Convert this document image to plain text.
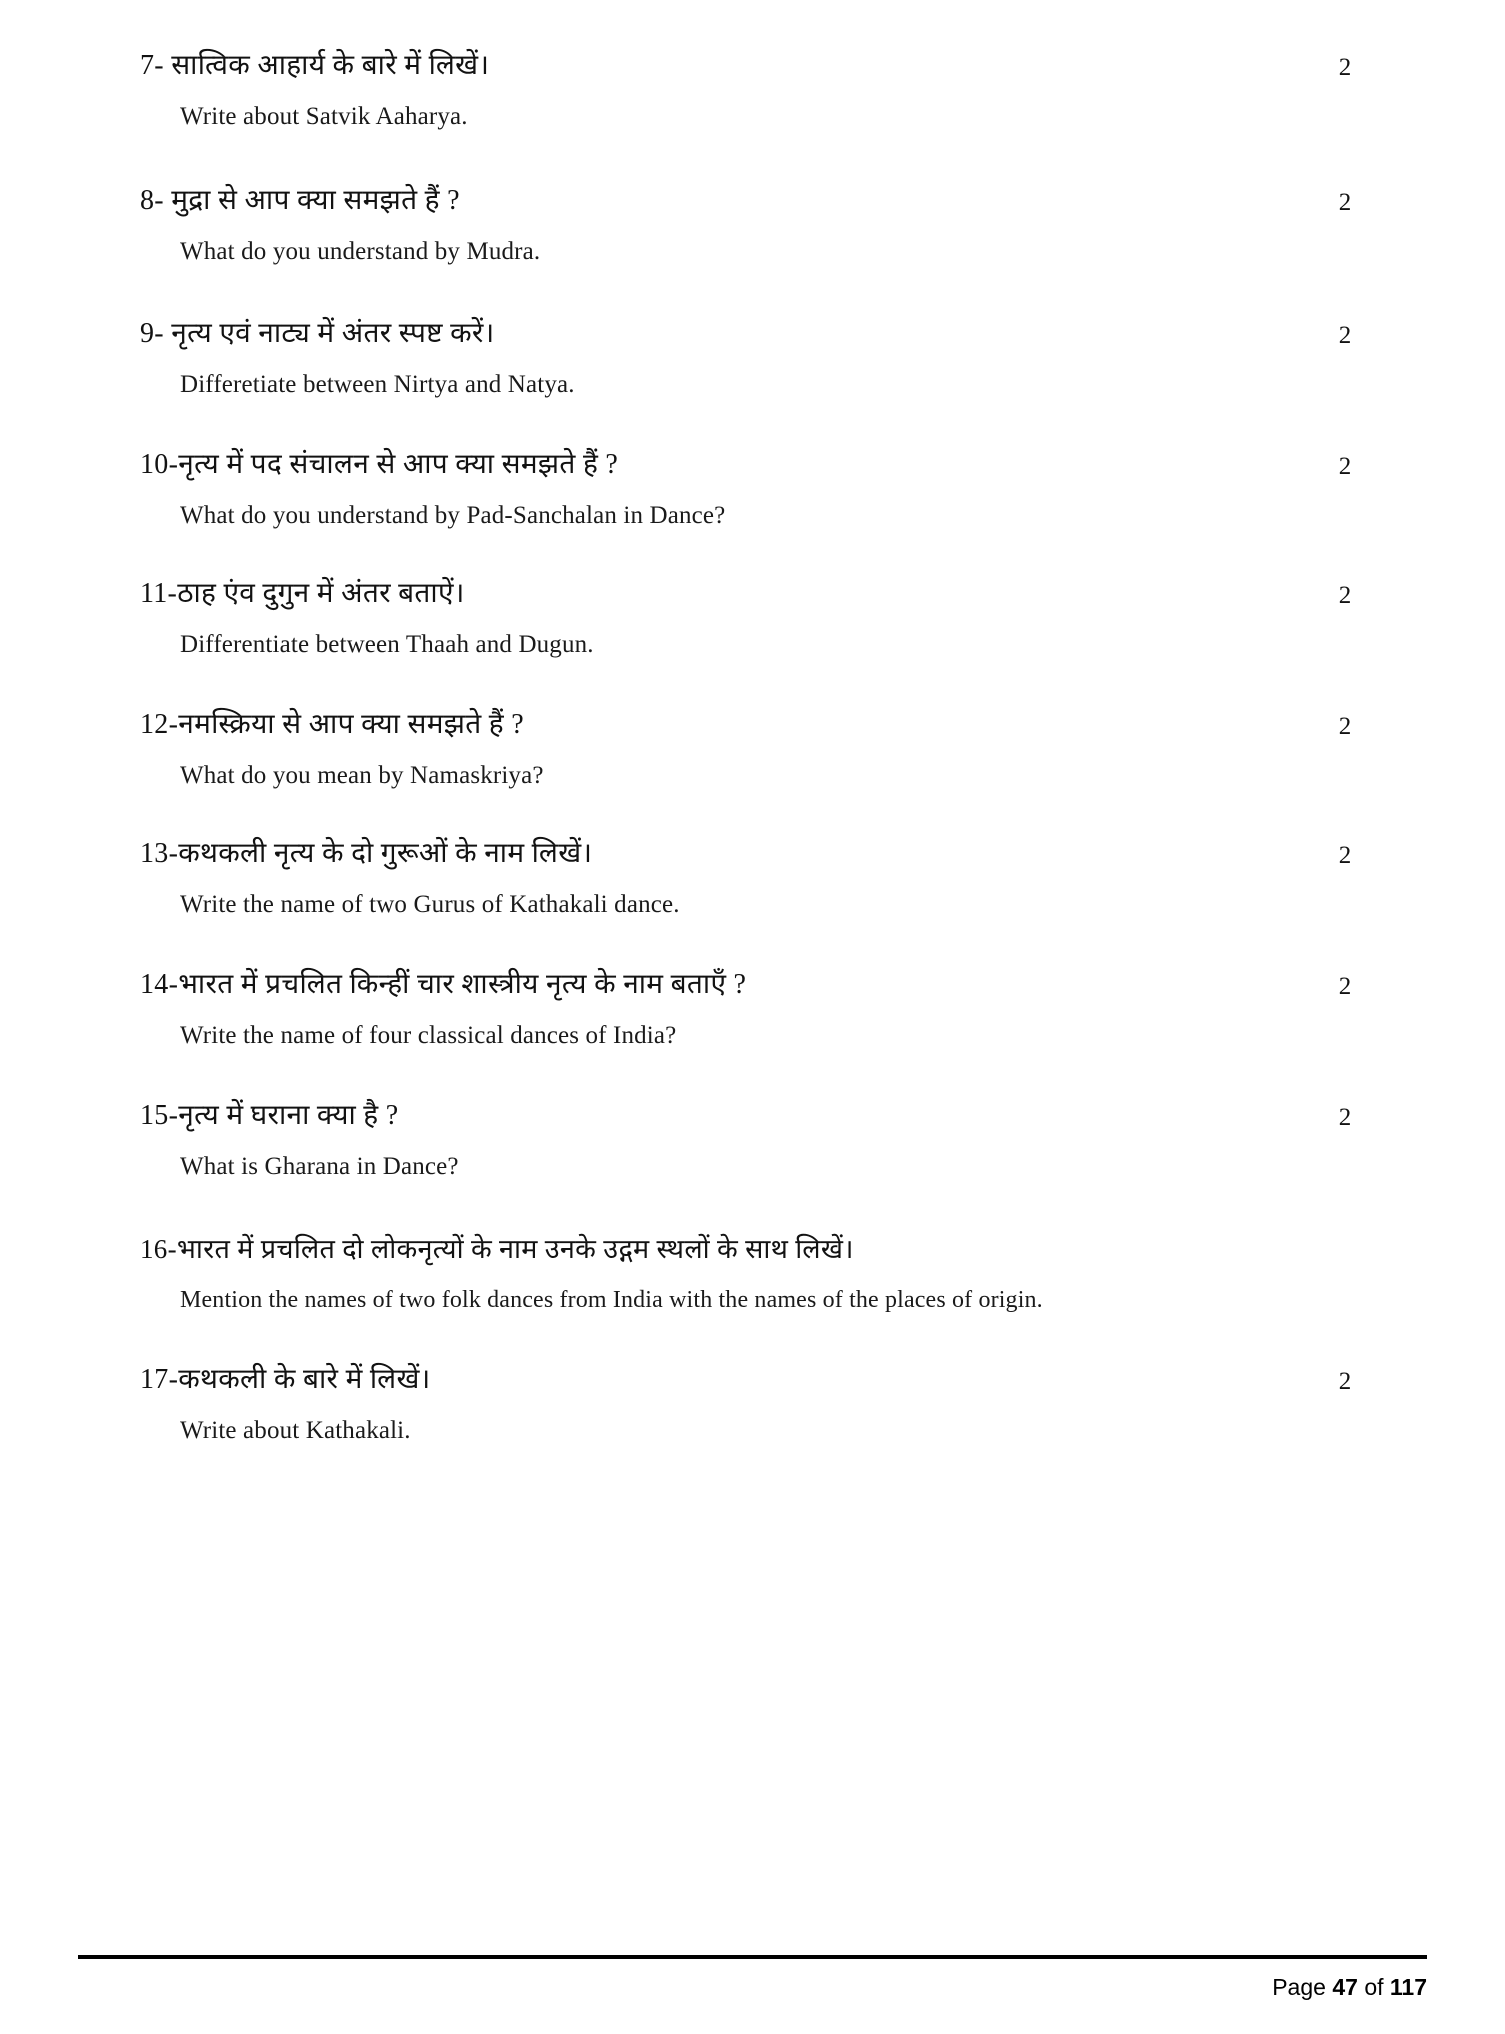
7- सात्विक आहार्य के बारे में लिखें।
Write about Satvik Aaharya.
2
8- मुद्रा से आप क्या समझते हैं ?
What do you understand by Mudra.
2
9- नृत्य एवं नाट्य में अंतर स्पष्ट करें।
Differetiate between Nirtya and Natya.
2
10-नृत्य में पद संचालन से आप क्या समझते हैं ?
What do you understand by Pad-Sanchalan in Dance?
2
11-ठाह एंव दुगुन में अंतर बताऐं।
Differentiate between Thaah and Dugun.
2
12-नमस्क्रिया से आप क्या समझते हैं ?
What do you mean by Namaskriya?
2
13-कथकली नृत्य के दो गुरूओं के नाम लिखें।
Write the name of two Gurus of Kathakali dance.
2
14-भारत में प्रचलित किन्हीं चार शास्त्रीय नृत्य के नाम बताएँ ?
Write the name of four classical dances of India?
2
15-नृत्य में घराना क्या है ?
What is Gharana in Dance?
2
16-भारत में प्रचलित दो लोकनृत्यों के नाम उनके उद्गम स्थलों के साथ लिखें।
Mention the names of two folk dances from India with the names of the places of origin.
17-कथकली के बारे में लिखें।
Write about Kathakali.
2
Page 47 of 117
